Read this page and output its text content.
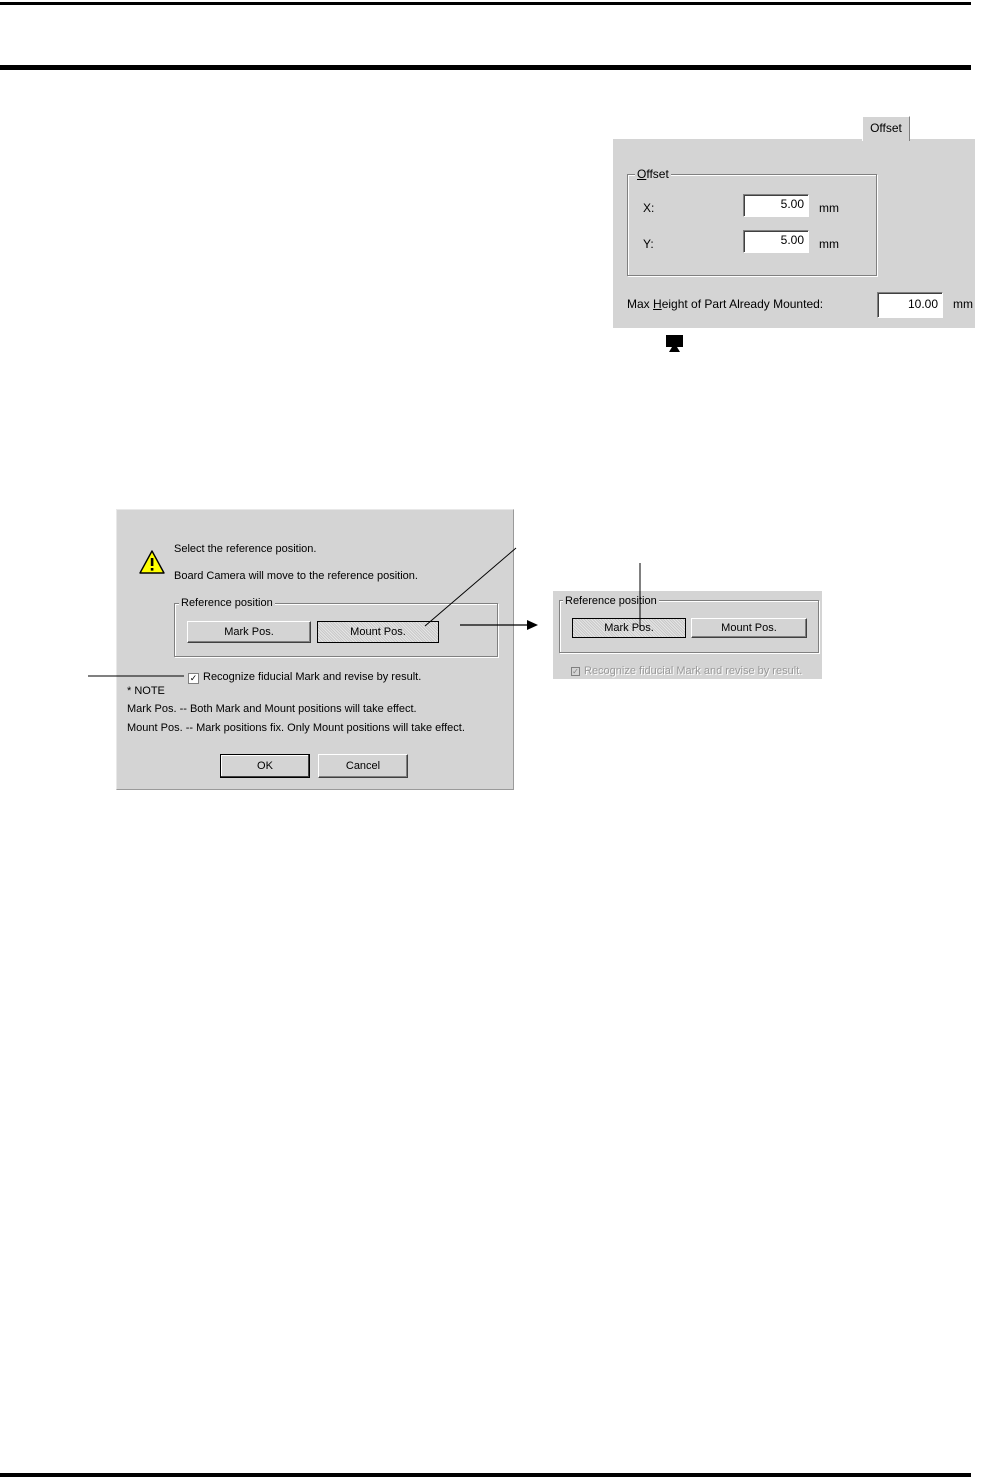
Offset
Offset
X:	5.00	mm
Y:	5.00	mm
Max Height of Part Already Mounted:	10.00	mm
Select the reference position.
Board Camera will move to the reference position.
Reference position
Mark Pos.	Mount Pos.
✓ Recognize fiducial Mark and revise by result.
* NOTE
Mark Pos. -- Both Mark and Mount positions will take effect.
Mount Pos. -- Mark positions fix. Only Mount positions will take effect.
OK	Cancel
Reference position
Mark Pos.	Mount Pos.
✓ Recognize fiducial Mark and revise by result.
